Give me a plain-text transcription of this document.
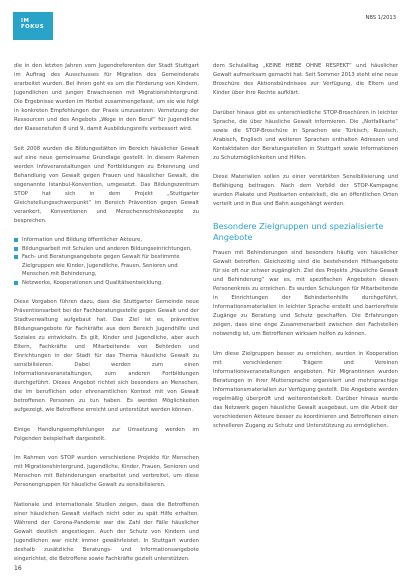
IM FOKUS
NBS 1/2013

die in den letzten Jahren vom Jugendreferenten der Stadt Stuttgart im Auftrag des Ausschusses für Migration des Gemeinderats erarbeitet wurden. Bei ihnen geht es um die Förderung von Kindern, Jugendlichen und jungen Erwachsenen mit Migrationshintergrund. Die Ergebnisse wurden im Herbst zusammengefasst, um sie wie folgt in konkreten Empfehlungen der Praxis umzusetzen: Vernetzung der Ressourcen und des Angebots „Wege in den Beruf“ für Jugendliche der Klassenstufen 8 und 9, damit Ausbildungsreife verbessert wird.

Seit 2008 wurden die Bildungsstätten im Bereich häuslicher Gewalt auf eine neue gemeinsame Grundlage gestellt. In diesem Rahmen werden Infoveranstaltungen und Fortbildungen zu Erkennung und Behandlung von Gewalt gegen Frauen und häuslicher Gewalt, die sogenannte Istanbul-Konvention, umgesetzt. Das Bildungszentrum STOP hat sich in dem Projekt „Stuttgarter Gleichstellungsschwerpunkt“ im Bereich Prävention gegen Gewalt verankert, Konventionen und Menschenrechtskonzepte zu besprechen.

Information und Bildung öffentlicher Akteure,
Bildungsarbeit mit Schulen und anderen Bildungseinrichtungen,
Fach- und Beratungsangebote gegen Gewalt für bestimmte Zielgruppen wie Kinder, Jugendliche, Frauen, Senioren und Menschen mit Behinderung,
Netzwerke, Kooperationen und Qualitätsentwicklung.

Diese Vorgaben führen dazu, dass die Stuttgarter Gemeinde neue Präventionsarbeit bei der Fachberatungsstelle gegen Gewalt und der Stadtverwaltung aufgebaut hat. Das Ziel ist es, präventive Bildungsangebote für Fachkräfte aus dem Bereich Jugendhilfe und Soziales zu entwickeln. Es gilt, Kinder und Jugendliche, aber auch Eltern, Fachkräfte und Mitarbeitende von Behörden und Einrichtungen in der Stadt für das Thema häusliche Gewalt zu sensibilisieren. Dabei werden zum einen Informationsveranstaltungen, zum anderen Fortbildungen durchgeführt. Dieses Angebot richtet sich besonders an Menschen, die im beruflichen oder ehrenamtlichen Kontext mit von Gewalt betroffenen Personen zu tun haben. Es werden Möglichkeiten aufgezeigt, wie Betroffene erreicht und unterstützt werden können.

Einige Handlungsempfehlungen zur Umsetzung werden im Folgenden beispielhaft dargestellt.

Im Rahmen von STOP wurden verschiedene Projekte für Menschen mit Migrationshintergrund, Jugendliche, Kinder, Frauen, Senioren und Menschen mit Behinderungen erarbeitet und verbreitet, um diese Personengruppen für häusliche Gewalt zu sensibilisieren.

Nationale und internationale Studien zeigen, dass die Betroffenen einer häuslichen Gewalt vielfach nicht oder zu spät Hilfe erhalten. Während der Corona-Pandemie war die Zahl der Fälle häuslicher Gewalt deutlich angestiegen. Auch der Schutz von Kindern und Jugendlichen war nicht immer gewährleistet. In Stuttgart wurden deshalb zusätzliche Beratungs- und Informationsangebote eingerichtet, die Betroffene sowie Fachkräfte gezielt unterstützen.

dem Schulalltag „KEINE HIEBE OHNE RESPEKT“ und häuslicher Gewalt aufmerksam gemacht hat. Seit Sommer 2013 steht eine neue Broschüre des Aktionsbündnisses zur Verfügung, die Eltern und Kinder über ihre Rechte aufklärt.

Darüber hinaus gibt es unterschiedliche STOP-Broschüren in leichter Sprache, die über häusliche Gewalt informieren. Die „Notfallkarte“ sowie die STOP-Broschüre in Sprachen wie Türkisch, Russisch, Arabisch, Englisch und weiteren Sprachen enthalten Adressen und Kontaktdaten der Beratungsstellen in Stuttgart sowie Informationen zu Schutzmöglichkeiten und Hilfen.

Diese Materialien sollen zu einer verstärkten Sensibilisierung und Befähigung beitragen. Nach dem Vorbild der STOP-Kampagne wurden Plakate und Postkarten entwickelt, die an öffentlichen Orten verteilt und in Bus und Bahn ausgehängt werden.

Besondere Zielgruppen und spezialisierte Angebote

Frauen mit Behinderungen sind besonders häufig von häuslicher Gewalt betroffen. Gleichzeitig sind die bestehenden Hilfsangebote für sie oft nur schwer zugänglich. Ziel des Projekts „Häusliche Gewalt und Behinderung“ war es, mit spezifischen Angeboten diesen Personenkreis zu erreichen. Es wurden Schulungen für Mitarbeitende in Einrichtungen der Behindertenhilfe durchgeführt, Informationsmaterialien in leichter Sprache erstellt und barrierefreie Zugänge zu Beratung und Schutz geschaffen. Die Erfahrungen zeigen, dass eine enge Zusammenarbeit zwischen den Fachstellen notwendig ist, um Betroffenen wirksam helfen zu können.

Um diese Zielgruppen besser zu erreichen, wurden in Kooperation mit verschiedenen Trägern und Vereinen Informationsveranstaltungen angeboten. Für Migrantinnen wurden Beratungen in ihrer Muttersprache organisiert und mehrsprachige Informationsmaterialien zur Verfügung gestellt. Die Angebote werden regelmäßig überprüft und weiterentwickelt. Darüber hinaus wurde das Netzwerk gegen häusliche Gewalt ausgebaut, um die Arbeit der verschiedenen Akteure besser zu koordinieren und Betroffenen einen schnelleren Zugang zu Schutz und Unterstützung zu ermöglichen.

16
